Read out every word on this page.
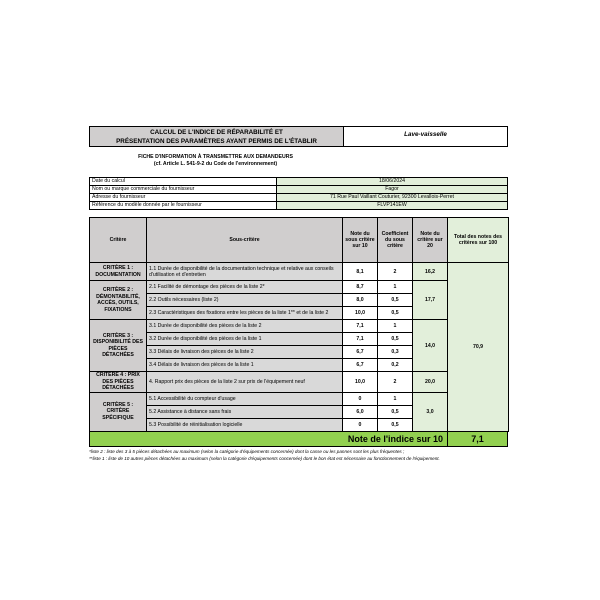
CALCUL DE L'INDICE DE RÉPARABILITÉ ET
PRÉSENTATION DES PARAMÈTRES AYANT PERMIS DE L'ÉTABLIR
Lave-vaisselle
FICHE D'INFORMATION À TRANSMETTRE AUX DEMANDEURS
(cf. Article L. 541-9-2 du Code de l'environnement)
Date du calcul	18/06/2024
Nom ou marque commerciale du fournisseur	Fagor
Adresse du fournisseur	71 Rue Paul Vaillant Couturier, 92300 Levallois-Perret
Référence du modèle donnée par le fournisseur	FLVP141EW
Critère	Sous-critère	Note du sous critère sur 10	Coefficient du sous critère	Note du critère sur 20	Total des notes des critères sur 100
CRITÈRE 1 : DOCUMENTATION	1.1 Durée de disponibilité de la documentation technique et relative aux conseils d'utilisation et d'entretien	8,1	2	16,2	70,9
CRITÈRE 2 : DÉMONTABILITÉ, ACCÈS, OUTILS, FIXATIONS	2.1 Facilité de démontage des pièces de la liste 2*	8,7	1	17,7	
	2.2 Outils nécessaires (liste 2)	8,0	0,5		
	2.3 Caractéristiques des fixations entre les pièces de la liste 1** et de la liste 2	10,0	0,5		
CRITÈRE 3 : DISPONIBILITÉ DES PIÈCES DÉTACHÉES	3.1 Durée de disponibilité des pièces de la liste 2	7,1	1	14,0	
	3.2 Durée de disponibilité des pièces de la liste 1	7,1	0,5		
	3.3 Délais de livraison des pièces de la liste 2	6,7	0,3		
	3.4 Délais de livraison des pièces de la liste 1	6,7	0,2		
CRITÈRE 4 : PRIX DES PIÈCES DÉTACHÉES	4. Rapport prix des pièces de la liste 2 sur prix de l'équipement neuf	10,0	2	20,0	
CRITÈRE 5 : CRITÈRE SPÉCIFIQUE	5.1 Accessibilité du compteur d'usage	0	1	3,0	
	5.2 Assistance à distance sans frais	6,0	0,5		
	5.3 Possibilité de réinitialisation logicielle	0	0,5		
Note de l'indice sur 10	7,1
*liste 2 : liste des 3 à 5 pièces détachées au maximum (selon la catégorie d'équipements concernée) dont la casse ou les pannes sont les plus fréquentes ;
**liste 1 : liste de 10 autres pièces détachées au maximum (selon la catégorie d'équipements concernée) dont le bon état est nécessaire au fonctionnement de l'équipement.
